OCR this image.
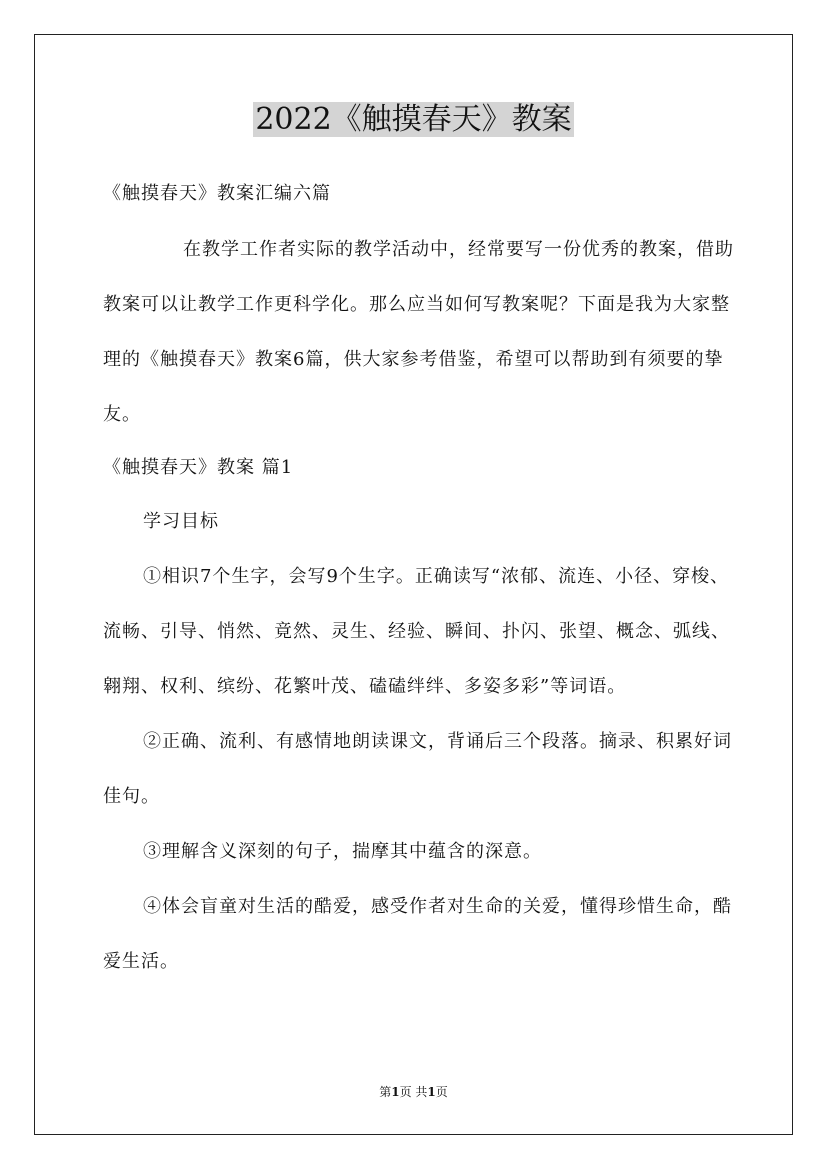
2022《触摸春天》教案
《触摸春天》教案汇编六篇

在教学工作者实际的教学活动中，经常要写一份优秀的教案，借助教案可以让教学工作更科学化。那么应当如何写教案呢？下面是我为大家整理的《触摸春天》教案6篇，供大家参考借鉴，希望可以帮助到有须要的挚友。

《触摸春天》教案 篇1

学习目标

①相识7个生字，会写9个生字。正确读写“浓郁、流连、小径、穿梭、流畅、引导、悄然、竟然、灵生、经验、瞬间、扑闪、张望、概念、弧线、翱翔、权利、缤纷、花繁叶茂、磕磕绊绊、多姿多彩”等词语。

②正确、流利、有感情地朗读课文，背诵后三个段落。摘录、积累好词佳句。

③理解含义深刻的句子，揣摩其中蕴含的深意。

④体会盲童对生活的酷爱，感受作者对生命的关爱，懂得珍惜生命，酷爱生活。

第1页 共1页
